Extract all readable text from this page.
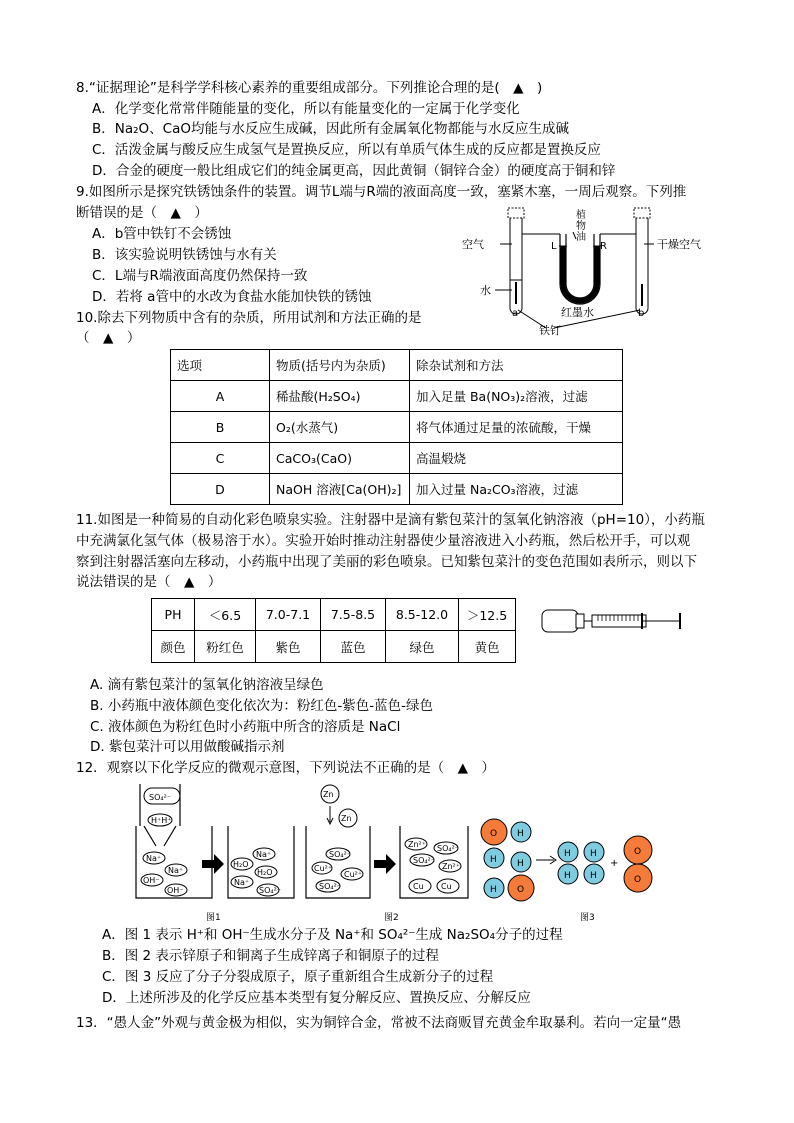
8.“证据理论”是科学学科核心素养的重要组成部分。下列推论合理的是(　▲　)
A．化学变化常常伴随能量的变化，所以有能量变化的一定属于化学变化
B．Na₂O、CaO均能与水反应生成碱，因此所有金属氧化物都能与水反应生成碱
C．活泼金属与酸反应生成氢气是置换反应，所以有单质气体生成的反应都是置换反应
D．合金的硬度一般比组成它们的纯金属更高，因此黄铜（铜锌合金）的硬度高于铜和锌
9.如图所示是探究铁锈蚀条件的装置。调节L端与R端的液面高度一致，塞紧木塞，一周后观察。下列推
断错误的是（　▲　）
A．b管中铁钉不会锈蚀
B．该实验说明铁锈蚀与水有关
C．L端与R端液面高度仍然保持一致
D．若将 a管中的水改为食盐水能加快铁的锈蚀
空气	干燥空气
水
植
物
油
L	R
红墨水
铁钉
a	b
10.除去下列物质中含有的杂质，所用试剂和方法正确的是
（　▲　）
选项	物质(括号内为杂质)	除杂试剂和方法
A	稀盐酸(H₂SO₄)	加入足量 Ba(NO₃)₂溶液，过滤
B	O₂(水蒸气)	将气体通过足量的浓硫酸，干燥
C	CaCO₃(CaO)	高温煅烧
D	NaOH 溶液[Ca(OH)₂]	加入过量 Na₂CO₃溶液，过滤
11.如图是一种简易的自动化彩色喷泉实验。注射器中是滴有紫包菜汁的氢氧化钠溶液（pH=10），小药瓶
中充满氯化氢气体（极易溶于水）。实验开始时推动注射器使少量溶液进入小药瓶，然后松开手，可以观
察到注射器活塞向左移动，小药瓶中出现了美丽的彩色喷泉。已知紫包菜汁的变色范围如表所示，则以下
说法错误的是（　▲　）
PH	＜6.5	7.0-7.1	7.5-8.5	8.5-12.0	＞12.5
颜色	粉红色	紫色	蓝色	绿色	黄色
A. 滴有紫包菜汁的氢氧化钠溶液呈绿色
B. 小药瓶中液体颜色变化依次为：粉红色-紫色-蓝色-绿色
C. 液体颜色为粉红色时小药瓶中所含的溶质是 NaCl
D. 紫包菜汁可以用做酸碱指示剂
12．观察以下化学反应的微观示意图，下列说法不正确的是（　▲　）
SO₄²⁻
H⁺H⁺
Na⁺
Na⁺
OH⁻
OH⁻
Na⁺
H₂O
H₂O
Na⁺
SO₄²⁻
Zn
Zn
SO₄²⁻
Cu²⁺
Cu²⁺
SO₄²⁻
Zn²⁺ SO₄²⁻
SO₄²⁻
Zn²⁺
Cu Cu
O H
H H
H O
H
H
H
H
+
O
O
图1	图2	图3
A．图 1 表示 H⁺和 OH⁻生成水分子及 Na⁺和 SO₄²⁻生成 Na₂SO₄分子的过程
B．图 2 表示锌原子和铜离子生成锌离子和铜原子的过程
C．图 3 反应了分子分裂成原子，原子重新组合生成新分子的过程
D．上述所涉及的化学反应基本类型有复分解反应、置换反应、分解反应
13．“愚人金”外观与黄金极为相似，实为铜锌合金，常被不法商贩冒充黄金牟取暴利。若向一定量“愚
